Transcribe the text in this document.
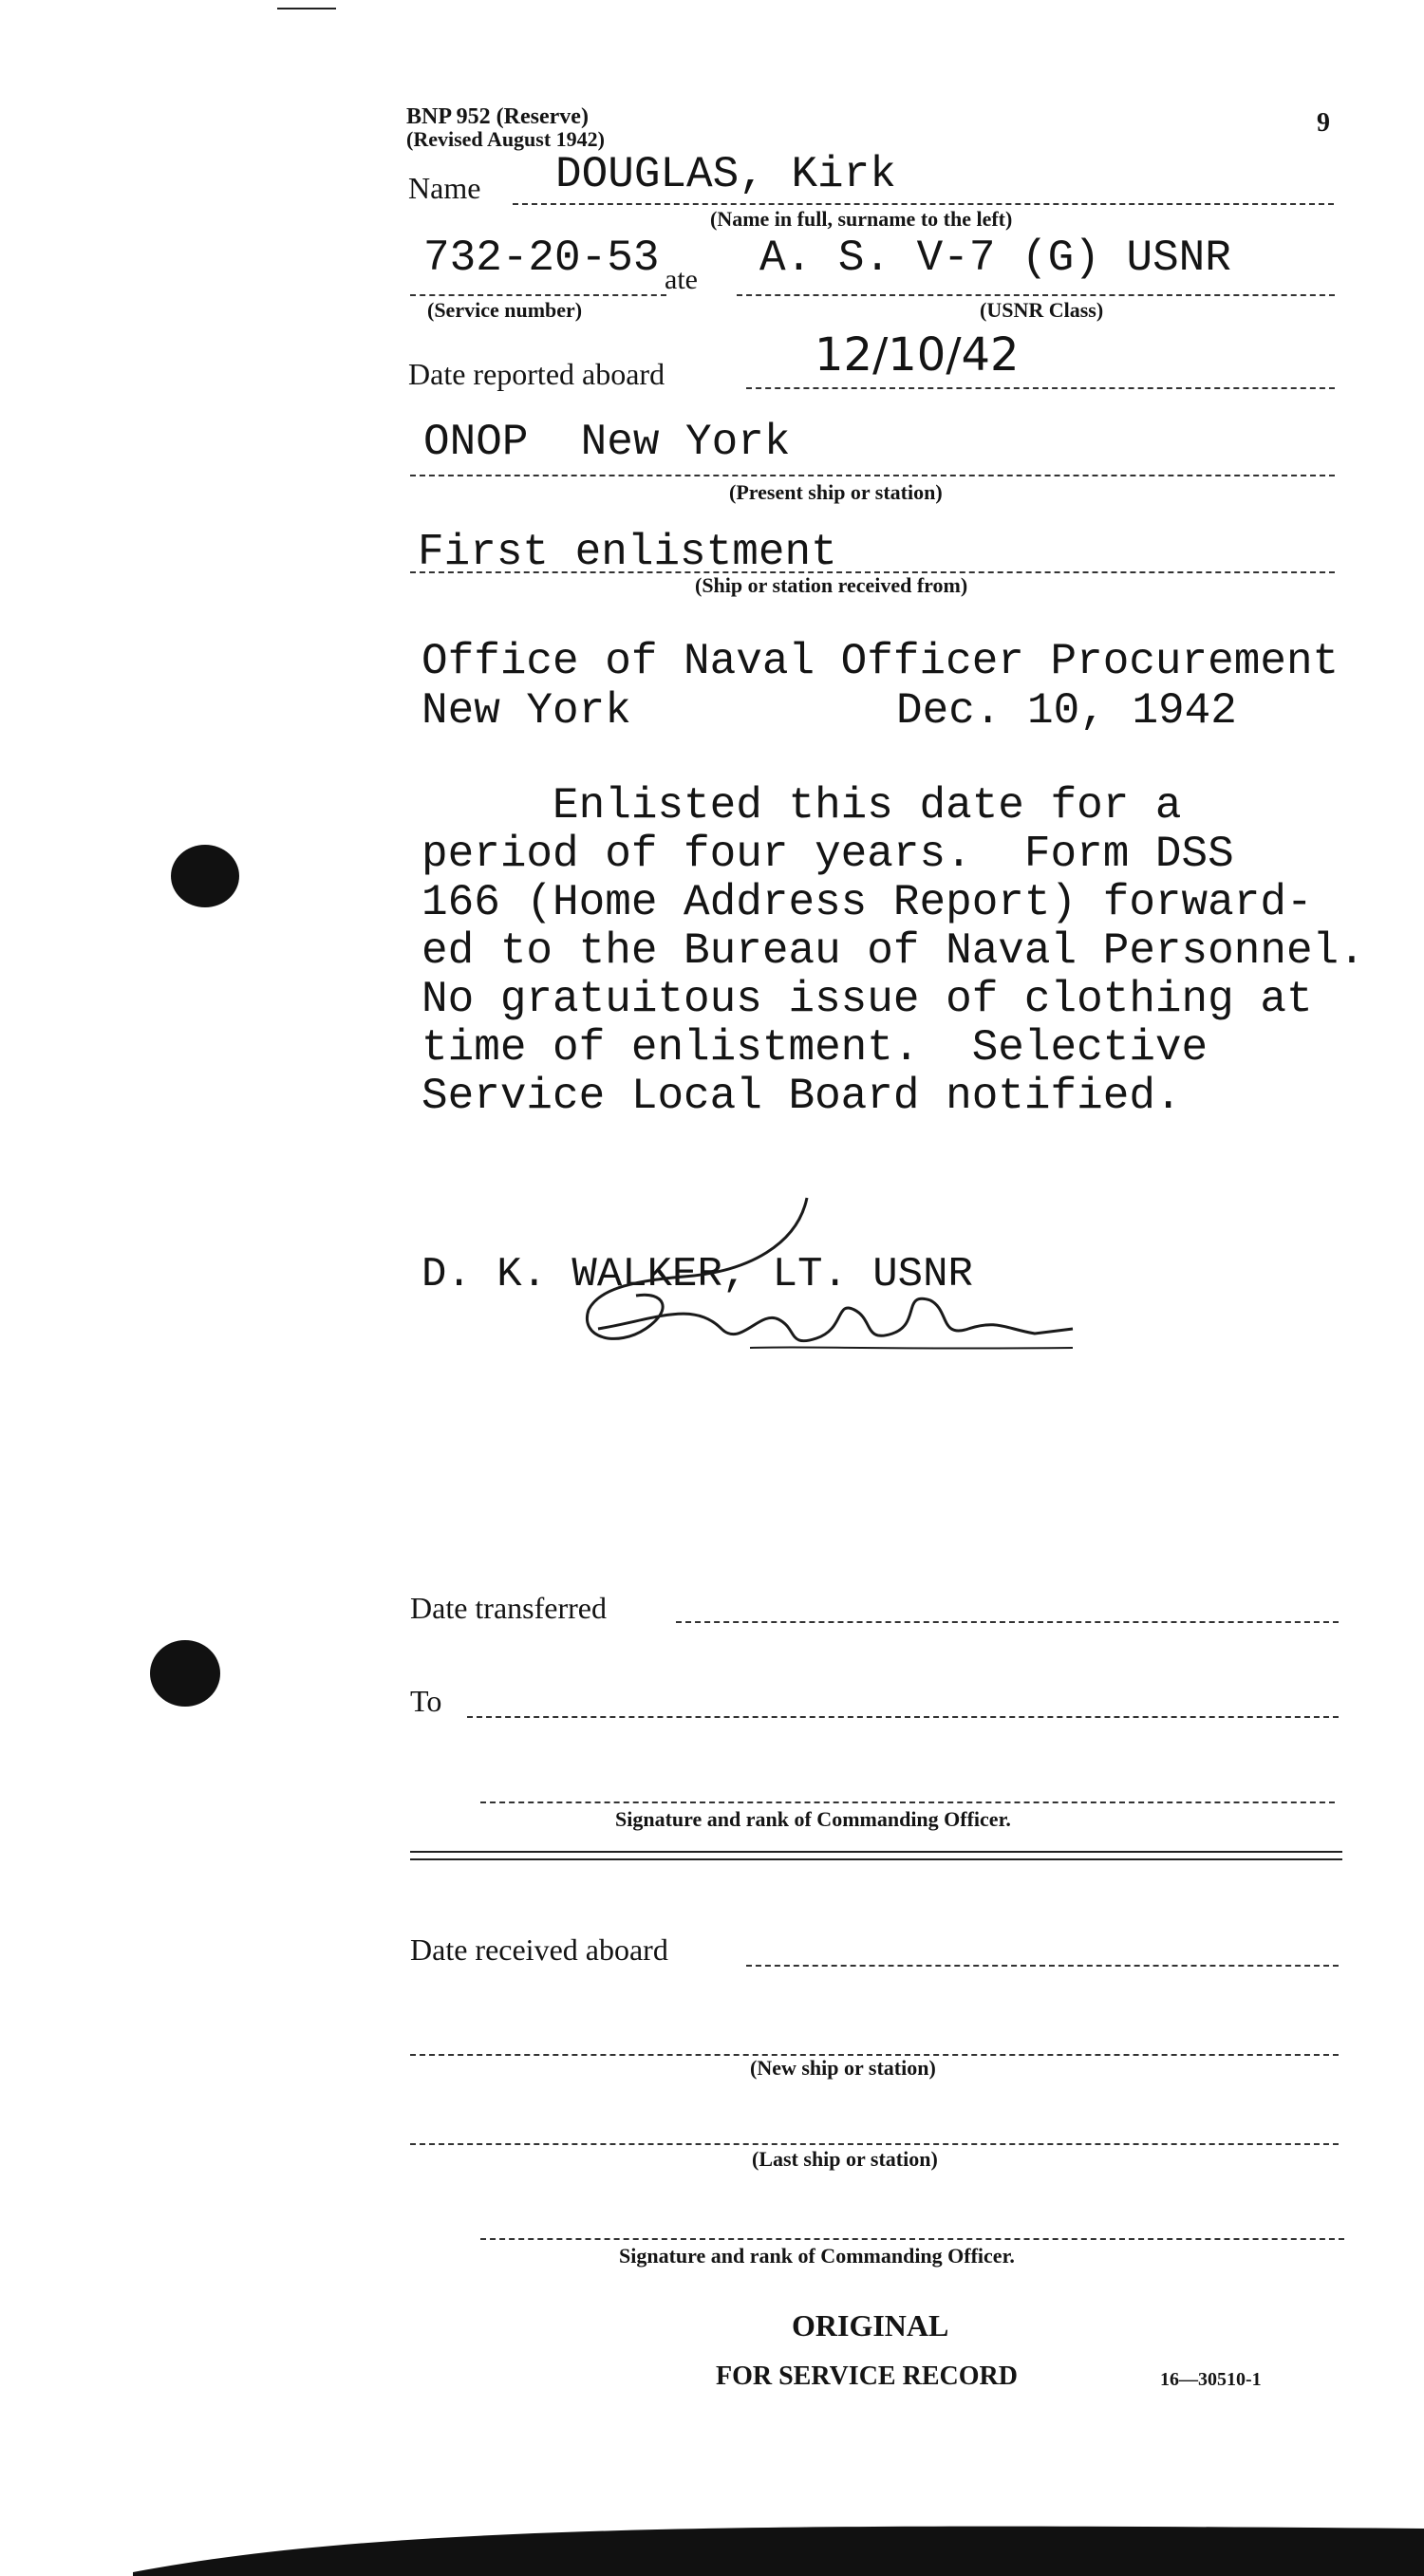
BNP 952 (Reserve)
(Revised August 1942)
9
Name DOUGLAS, Kirk
(Name in full, surname to the left)
732-20-53 ate A. S. V-7 (G) USNR
(Service number)	(USNR Class)
Date reported aboard	12/10/42
ONOP  New York
(Present ship or station)
First enlistment
(Ship or station received from)
Office of Naval Officer Procurement
New York	Dec. 10, 1942
Enlisted this date for a
period of four years.  Form DSS
166 (Home Address Report) forward-
ed to the Bureau of Naval Personnel.
No gratuitous issue of clothing at
time of enlistment.  Selective
Service Local Board notified.
D. K. WALKER, LT. USNR
Date transferred
To
Signature and rank of Commanding Officer.
Date received aboard
(New ship or station)
(Last ship or station)
Signature and rank of Commanding Officer.
ORIGINAL
FOR SERVICE RECORD	16—30510-1
